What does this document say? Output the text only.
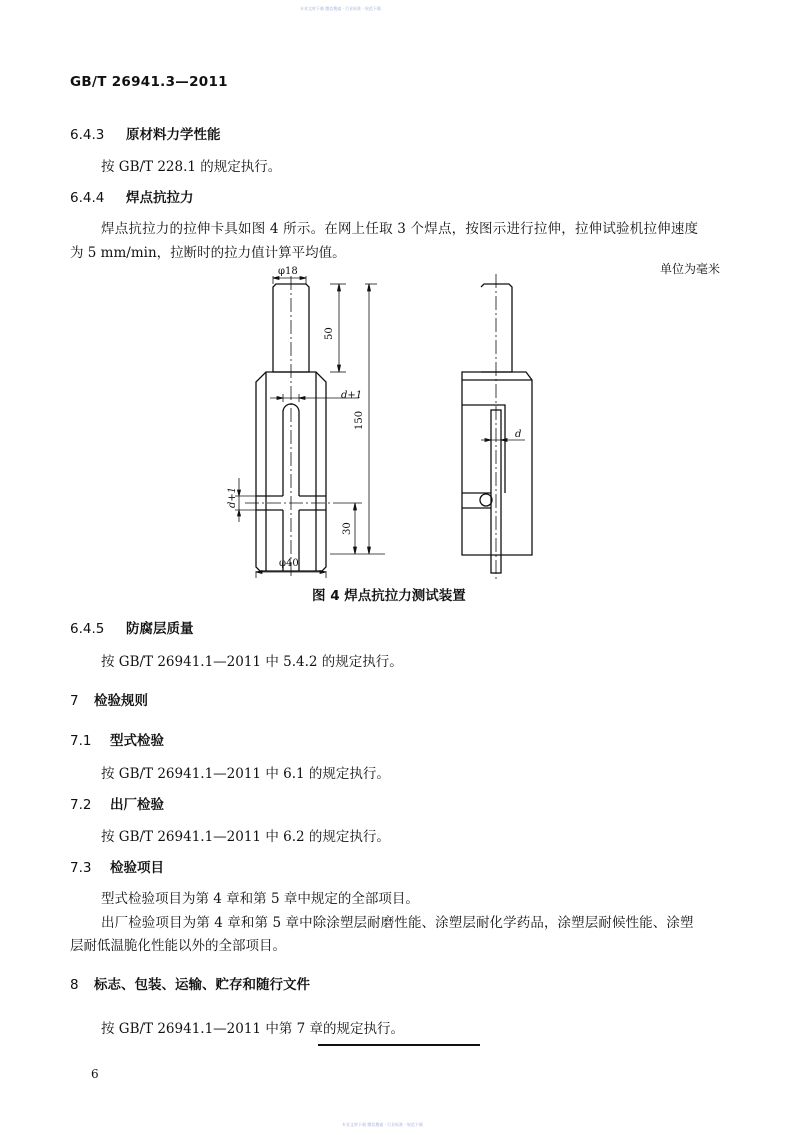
专业文库下载 微信搜索 · 行业标准 · 规范下载
GB/T 26941.3—2011
6.4.3 原材料力学性能
按 GB/T 228.1 的规定执行。
6.4.4 焊点抗拉力
焊点抗拉力的拉伸卡具如图 4 所示。在网上任取 3 个焊点，按图示进行拉伸，拉伸试验机拉伸速度
为 5 mm/min，拉断时的拉力值计算平均值。
单位为毫米
φ18
d+1
φ40
50
150
30
d+1
d
图 4 焊点抗拉力测试装置
6.4.5 防腐层质量
按 GB/T 26941.1—2011 中 5.4.2 的规定执行。
7 检验规则
7.1 型式检验
按 GB/T 26941.1—2011 中 6.1 的规定执行。
7.2 出厂检验
按 GB/T 26941.1—2011 中 6.2 的规定执行。
7.3 检验项目
型式检验项目为第 4 章和第 5 章中规定的全部项目。
出厂检验项目为第 4 章和第 5 章中除涂塑层耐磨性能、涂塑层耐化学药品，涂塑层耐候性能、涂塑
层耐低温脆化性能以外的全部项目。
8 标志、包装、运输、贮存和随行文件
按 GB/T 26941.1—2011 中第 7 章的规定执行。
6
专业文库下载 微信搜索 · 行业标准 · 规范下载
